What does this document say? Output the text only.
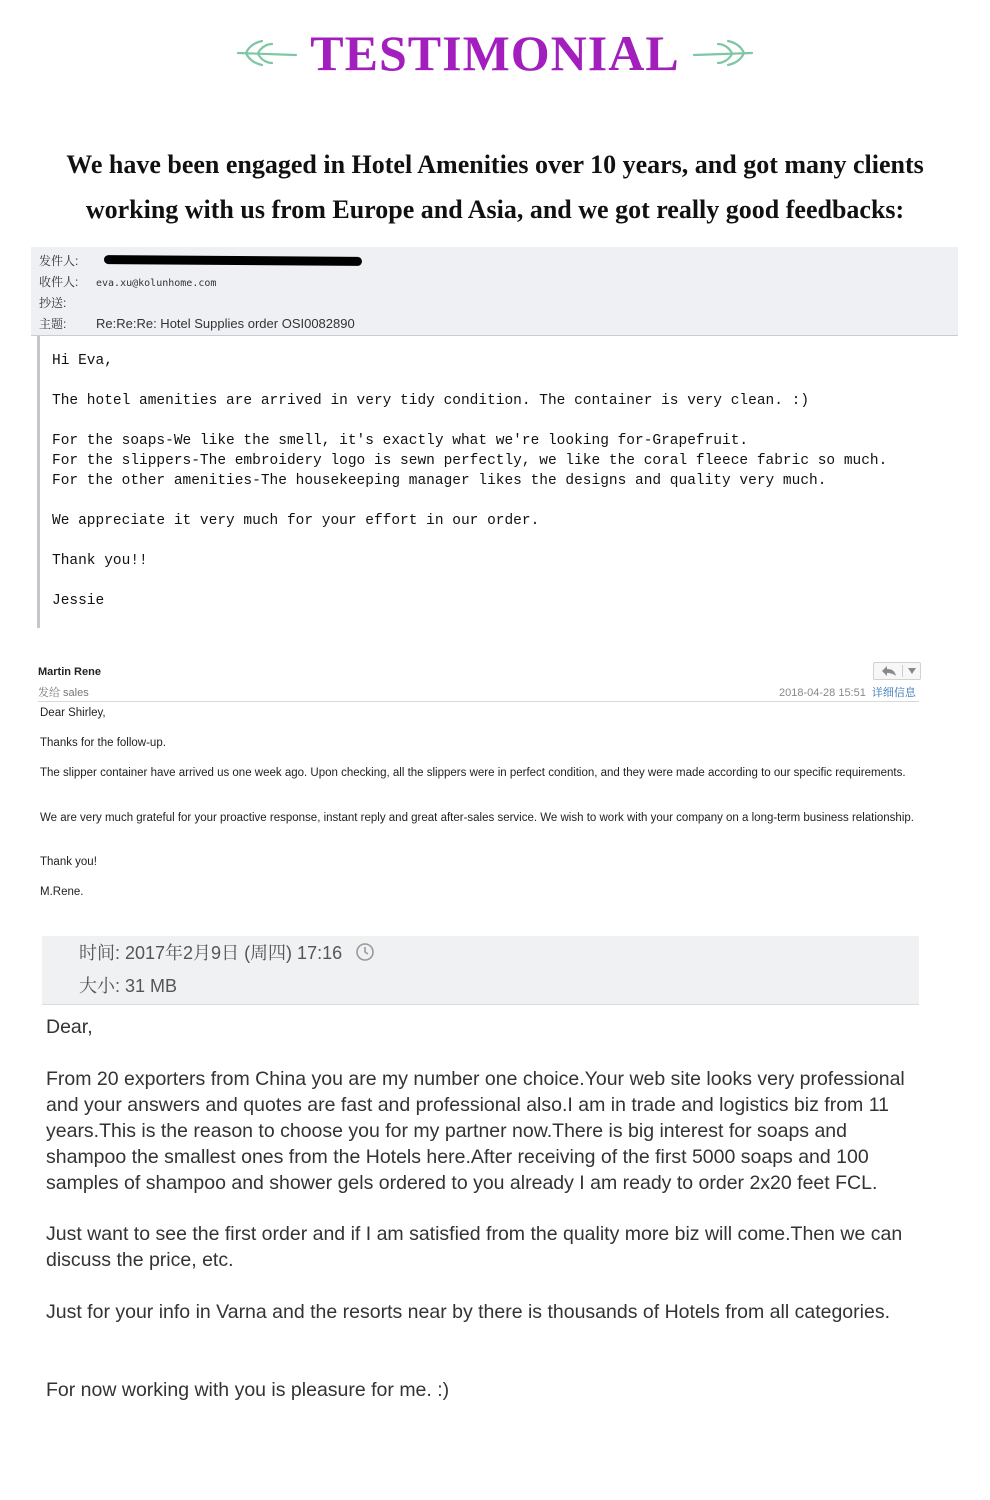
TESTIMONIAL
We have been engaged in Hotel Amenities over 10 years, and got many clients working with us from Europe and Asia, and we got really good feedbacks:
发件人:
收件人: eva.xu@kolunhome.com
抄送:
主题: Re:Re:Re: Hotel Supplies order OSI0082890
Hi Eva,
The hotel amenities are arrived in very tidy condition. The container is very clean. :)
For the soaps-We like the smell, it's exactly what we're looking for-Grapefruit.
For the slippers-The embroidery logo is sewn perfectly, we like the coral fleece fabric so much.
For the other amenities-The housekeeping manager likes the designs and quality very much.
We appreciate it very much for your effort in our order.
Thank you!!
Jessie
Martin Rene
发给 sales	2018-04-28 15:51 详细信息
Dear Shirley,
Thanks for the follow-up.
The slipper container have arrived us one week ago. Upon checking, all the slippers were in perfect condition, and they were made according to our specific requirements.
We are very much grateful for your proactive response, instant reply and great after-sales service. We wish to work with your company on a long-term business relationship.
Thank you!
M.Rene.
时间: 2017年2月9日 (周四) 17:16
大小: 31 MB
Dear,
From 20 exporters from China you are my number one choice.Your web site looks very professional and your answers and quotes are fast and professional also.I am in trade and logistics biz from 11 years.This is the reason to choose you for my partner now.There is big interest for soaps and shampoo the smallest ones from the Hotels here.After receiving of the first 5000 soaps and 100 samples of shampoo and shower gels ordered to you already I am ready to order 2x20 feet FCL.
Just want to see the first order and if I am satisfied from the quality more biz will come.Then we can discuss the price, etc.
Just for your info in Varna and the resorts near by there is thousands of Hotels from all categories.
For now working with you is pleasure for me. :)
